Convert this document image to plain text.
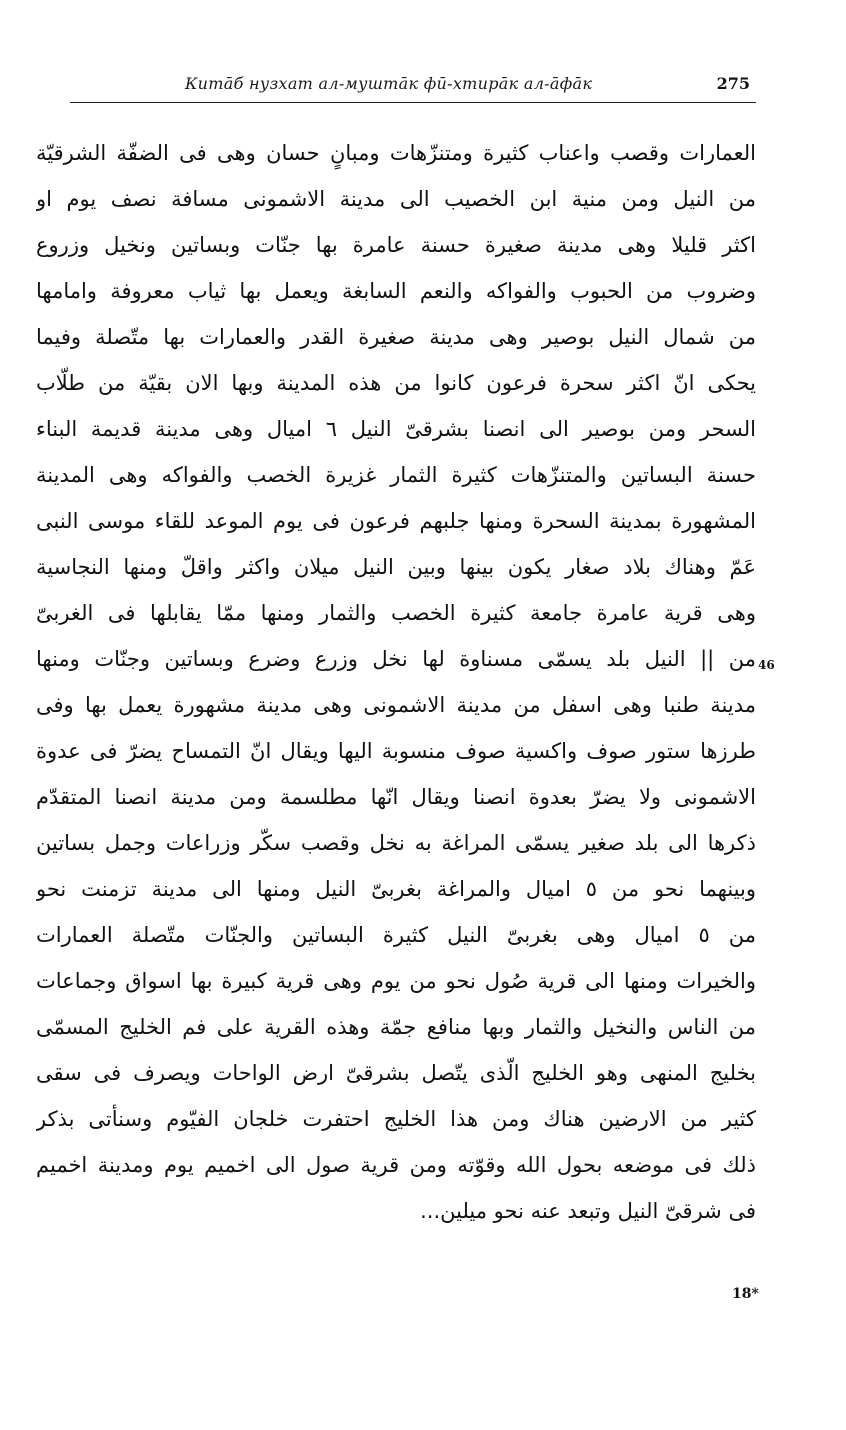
Китāб нузхат ал-муштāк фū-хтирāк ал-āфāк	275
46
العمارات وقصب واعناب كثيرة ومتنزّهات ومبانٍ حسان وهى فى الضفّة الشرقيّة
من النيل ومن منية ابن الخصيب الى مدينة الاشمونى مسافة نصف يوم او
اكثر قليلا وهى مدينة صغيرة حسنة عامرة بها جنّات وبساتين ونخيل وزروع
وضروب من الحبوب والفواكه والنعم السابغة ويعمل بها ثياب معروفة وامامها
من شمال النيل بوصير وهى مدينة صغيرة القدر والعمارات بها متّصلة وفيما
يحكى انّ اكثر سحرة فرعون كانوا من هذه المدينة وبها الان بقيّة من طلّاب
السحر ومن بوصير الى انصنا بشرقىّ النيل ٦ اميال وهى مدينة قديمة البناء
حسنة البساتين والمتنزّهات كثيرة الثمار غزيرة الخصب والفواكه وهى المدينة
المشهورة بمدينة السحرة ومنها جلبهم فرعون فى يوم الموعد للقاء موسى النبى
عَمّ وهناك بلاد صغار يكون بينها وبين النيل ميلان واكثر واقلّ ومنها النجاسية
وهى قرية عامرة جامعة كثيرة الخصب والثمار ومنها ممّا يقابلها فى الغربىّ
من || النيل بلد يسمّى مسناوة لها نخل وزرع وضرع وبساتين وجنّات ومنها
مدينة طنبا وهى اسفل من مدينة الاشمونى وهى مدينة مشهورة يعمل بها وفى
طرزها ستور صوف واكسية صوف منسوبة اليها ويقال انّ التمساح يضرّ فى عدوة
الاشمونى ولا يضرّ بعدوة انصنا ويقال انّها مطلسمة ومن مدينة انصنا المتقدّم
ذكرها الى بلد صغير يسمّى المراغة به نخل وقصب سكّر وزراعات وجمل بساتين
وبينهما نحو من ٥ اميال والمراغة بغربىّ النيل ومنها الى مدينة تزمنت نحو
من ٥ اميال وهى بغربىّ النيل كثيرة البساتين والجنّات متّصلة العمارات
والخيرات ومنها الى قرية صُول نحو من يوم وهى قرية كبيرة بها اسواق وجماعات
من الناس والنخيل والثمار وبها منافع جمّة وهذه القرية على فم الخليج المسمّى
بخليج المنهى وهو الخليج الّذى يتّصل بشرقىّ ارض الواحات ويصرف فى سقى
كثير من الارضين هناك ومن هذا الخليج احتفرت خلجان الفيّوم وسنأتى بذكر
ذلك فى موضعه بحول الله وقوّته ومن قرية صول الى اخميم يوم ومدينة اخميم
فى شرقىّ النيل وتبعد عنه نحو ميلين...
18*
